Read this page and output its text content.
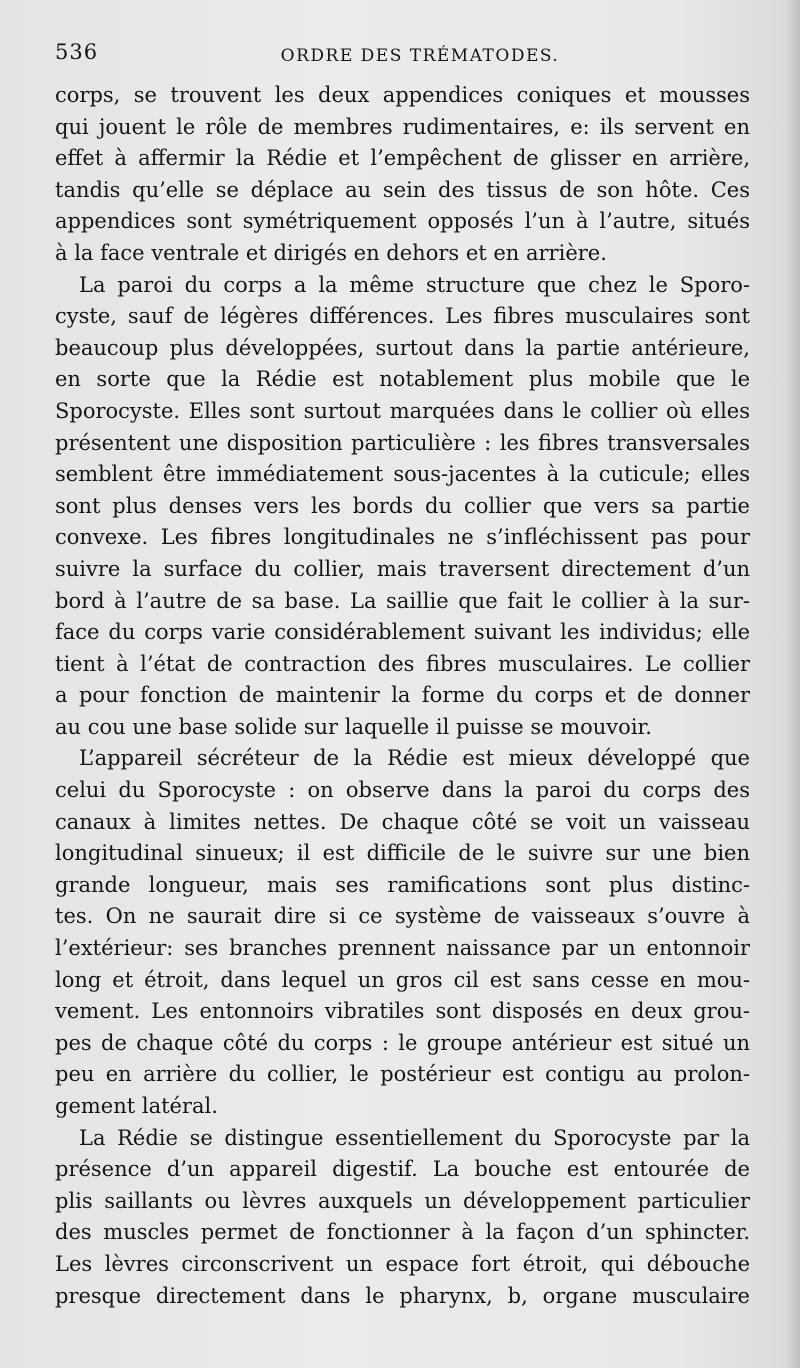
536	ORDRE DES TRÉMATODES.
corps, se trouvent les deux appendices coniques et mousses
qui jouent le rôle de membres rudimentaires, e: ils servent en
effet à affermir la Rédie et l’empêchent de glisser en arrière,
tandis qu’elle se déplace au sein des tissus de son hôte. Ces
appendices sont symétriquement opposés l’un à l’autre, situés
à la face ventrale et dirigés en dehors et en arrière.
La paroi du corps a la même structure que chez le Sporo-
cyste, sauf de légères différences. Les fibres musculaires sont
beaucoup plus développées, surtout dans la partie antérieure,
en sorte que la Rédie est notablement plus mobile que le
Sporocyste. Elles sont surtout marquées dans le collier où elles
présentent une disposition particulière : les fibres transversales
semblent être immédiatement sous-jacentes à la cuticule; elles
sont plus denses vers les bords du collier que vers sa partie
convexe. Les fibres longitudinales ne s’infléchissent pas pour
suivre la surface du collier, mais traversent directement d’un
bord à l’autre de sa base. La saillie que fait le collier à la sur-
face du corps varie considérablement suivant les individus; elle
tient à l’état de contraction des fibres musculaires. Le collier
a pour fonction de maintenir la forme du corps et de donner
au cou une base solide sur laquelle il puisse se mouvoir.
L’appareil sécréteur de la Rédie est mieux développé que
celui du Sporocyste : on observe dans la paroi du corps des
canaux à limites nettes. De chaque côté se voit un vaisseau
longitudinal sinueux; il est difficile de le suivre sur une bien
grande longueur, mais ses ramifications sont plus distinc-
tes. On ne saurait dire si ce système de vaisseaux s’ouvre à
l’extérieur: ses branches prennent naissance par un entonnoir
long et étroit, dans lequel un gros cil est sans cesse en mou-
vement. Les entonnoirs vibratiles sont disposés en deux grou-
pes de chaque côté du corps : le groupe antérieur est situé un
peu en arrière du collier, le postérieur est contigu au prolon-
gement latéral.
La Rédie se distingue essentiellement du Sporocyste par la
présence d’un appareil digestif. La bouche est entourée de
plis saillants ou lèvres auxquels un développement particulier
des muscles permet de fonctionner à la façon d’un sphincter.
Les lèvres circonscrivent un espace fort étroit, qui débouche
presque directement dans le pharynx, b, organe musculaire
